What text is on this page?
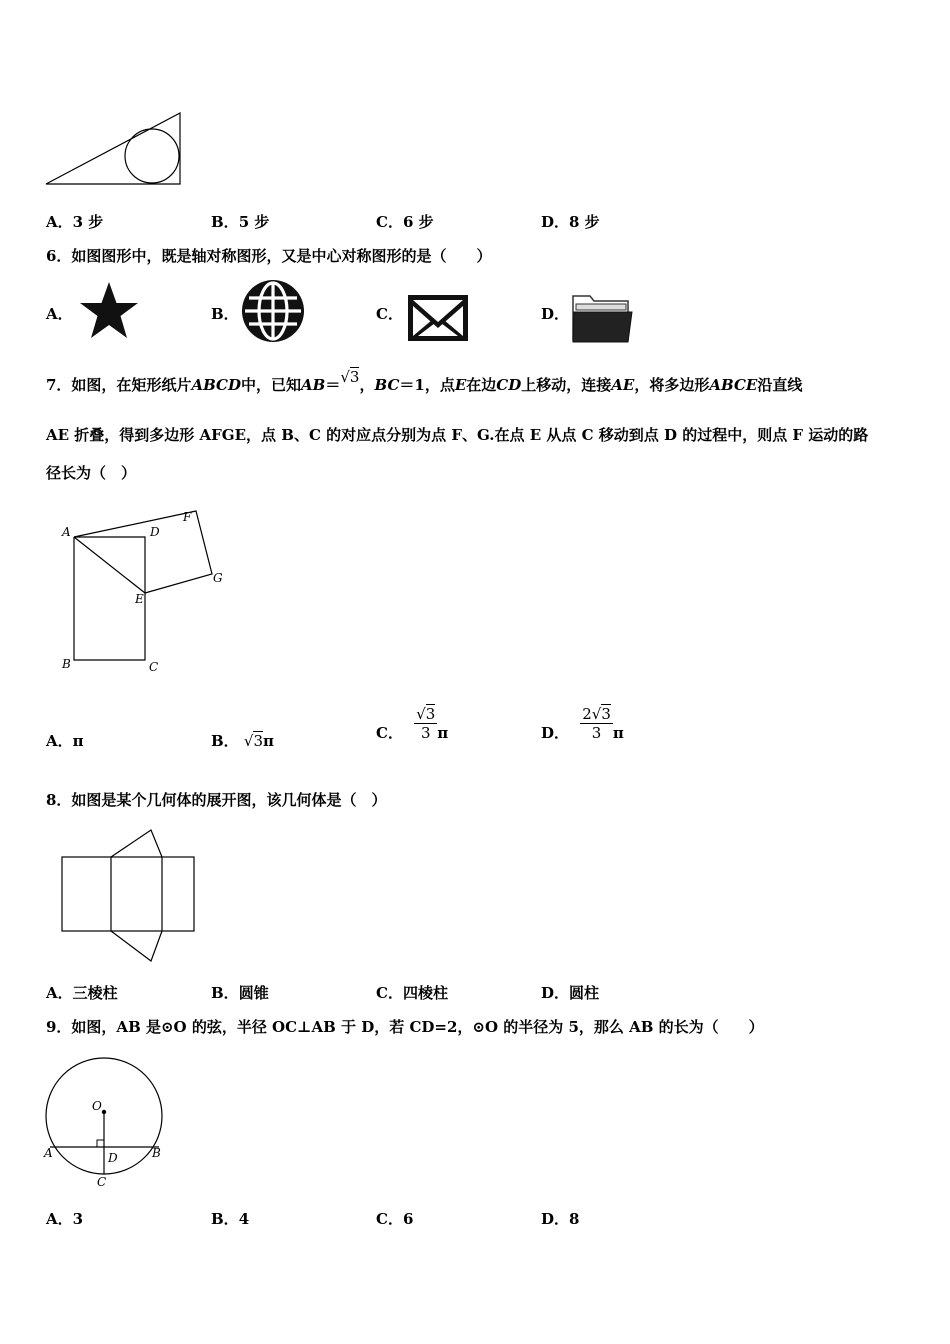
A．3 步	B．5 步	C．6 步	D．8 步
6．如图图形中，既是轴对称图形，又是中心对称图形的是（　　）
A．	B．	C．	D．
7．如图，在矩形纸片ABCD中，已知AB＝√3，BC＝1，点E在边CD上移动，连接AE，将多边形ABCE沿直线
AE 折叠，得到多边形 AFGE，点 B、C 的对应点分别为点 F、G.在点 E 从点 C 移动到点 D 的过程中，则点 F 运动的路
径长为（　）
A	D
F
G
E
B	C
A．π	B． √3π	C． $\frac{√3}{3}$ π	D． $\frac{2√3}{3}$ π
8．如图是某个几何体的展开图，该几何体是（　）
A．三棱柱	B．圆锥	C．四棱柱	D．圆柱
9．如图，AB 是⊙O 的弦，半径 OC⊥AB 于 D，若 CD=2，⊙O 的半径为 5，那么 AB 的长为（　　）
O
A	B
D
C
A．3	B．4	C．6	D．8
